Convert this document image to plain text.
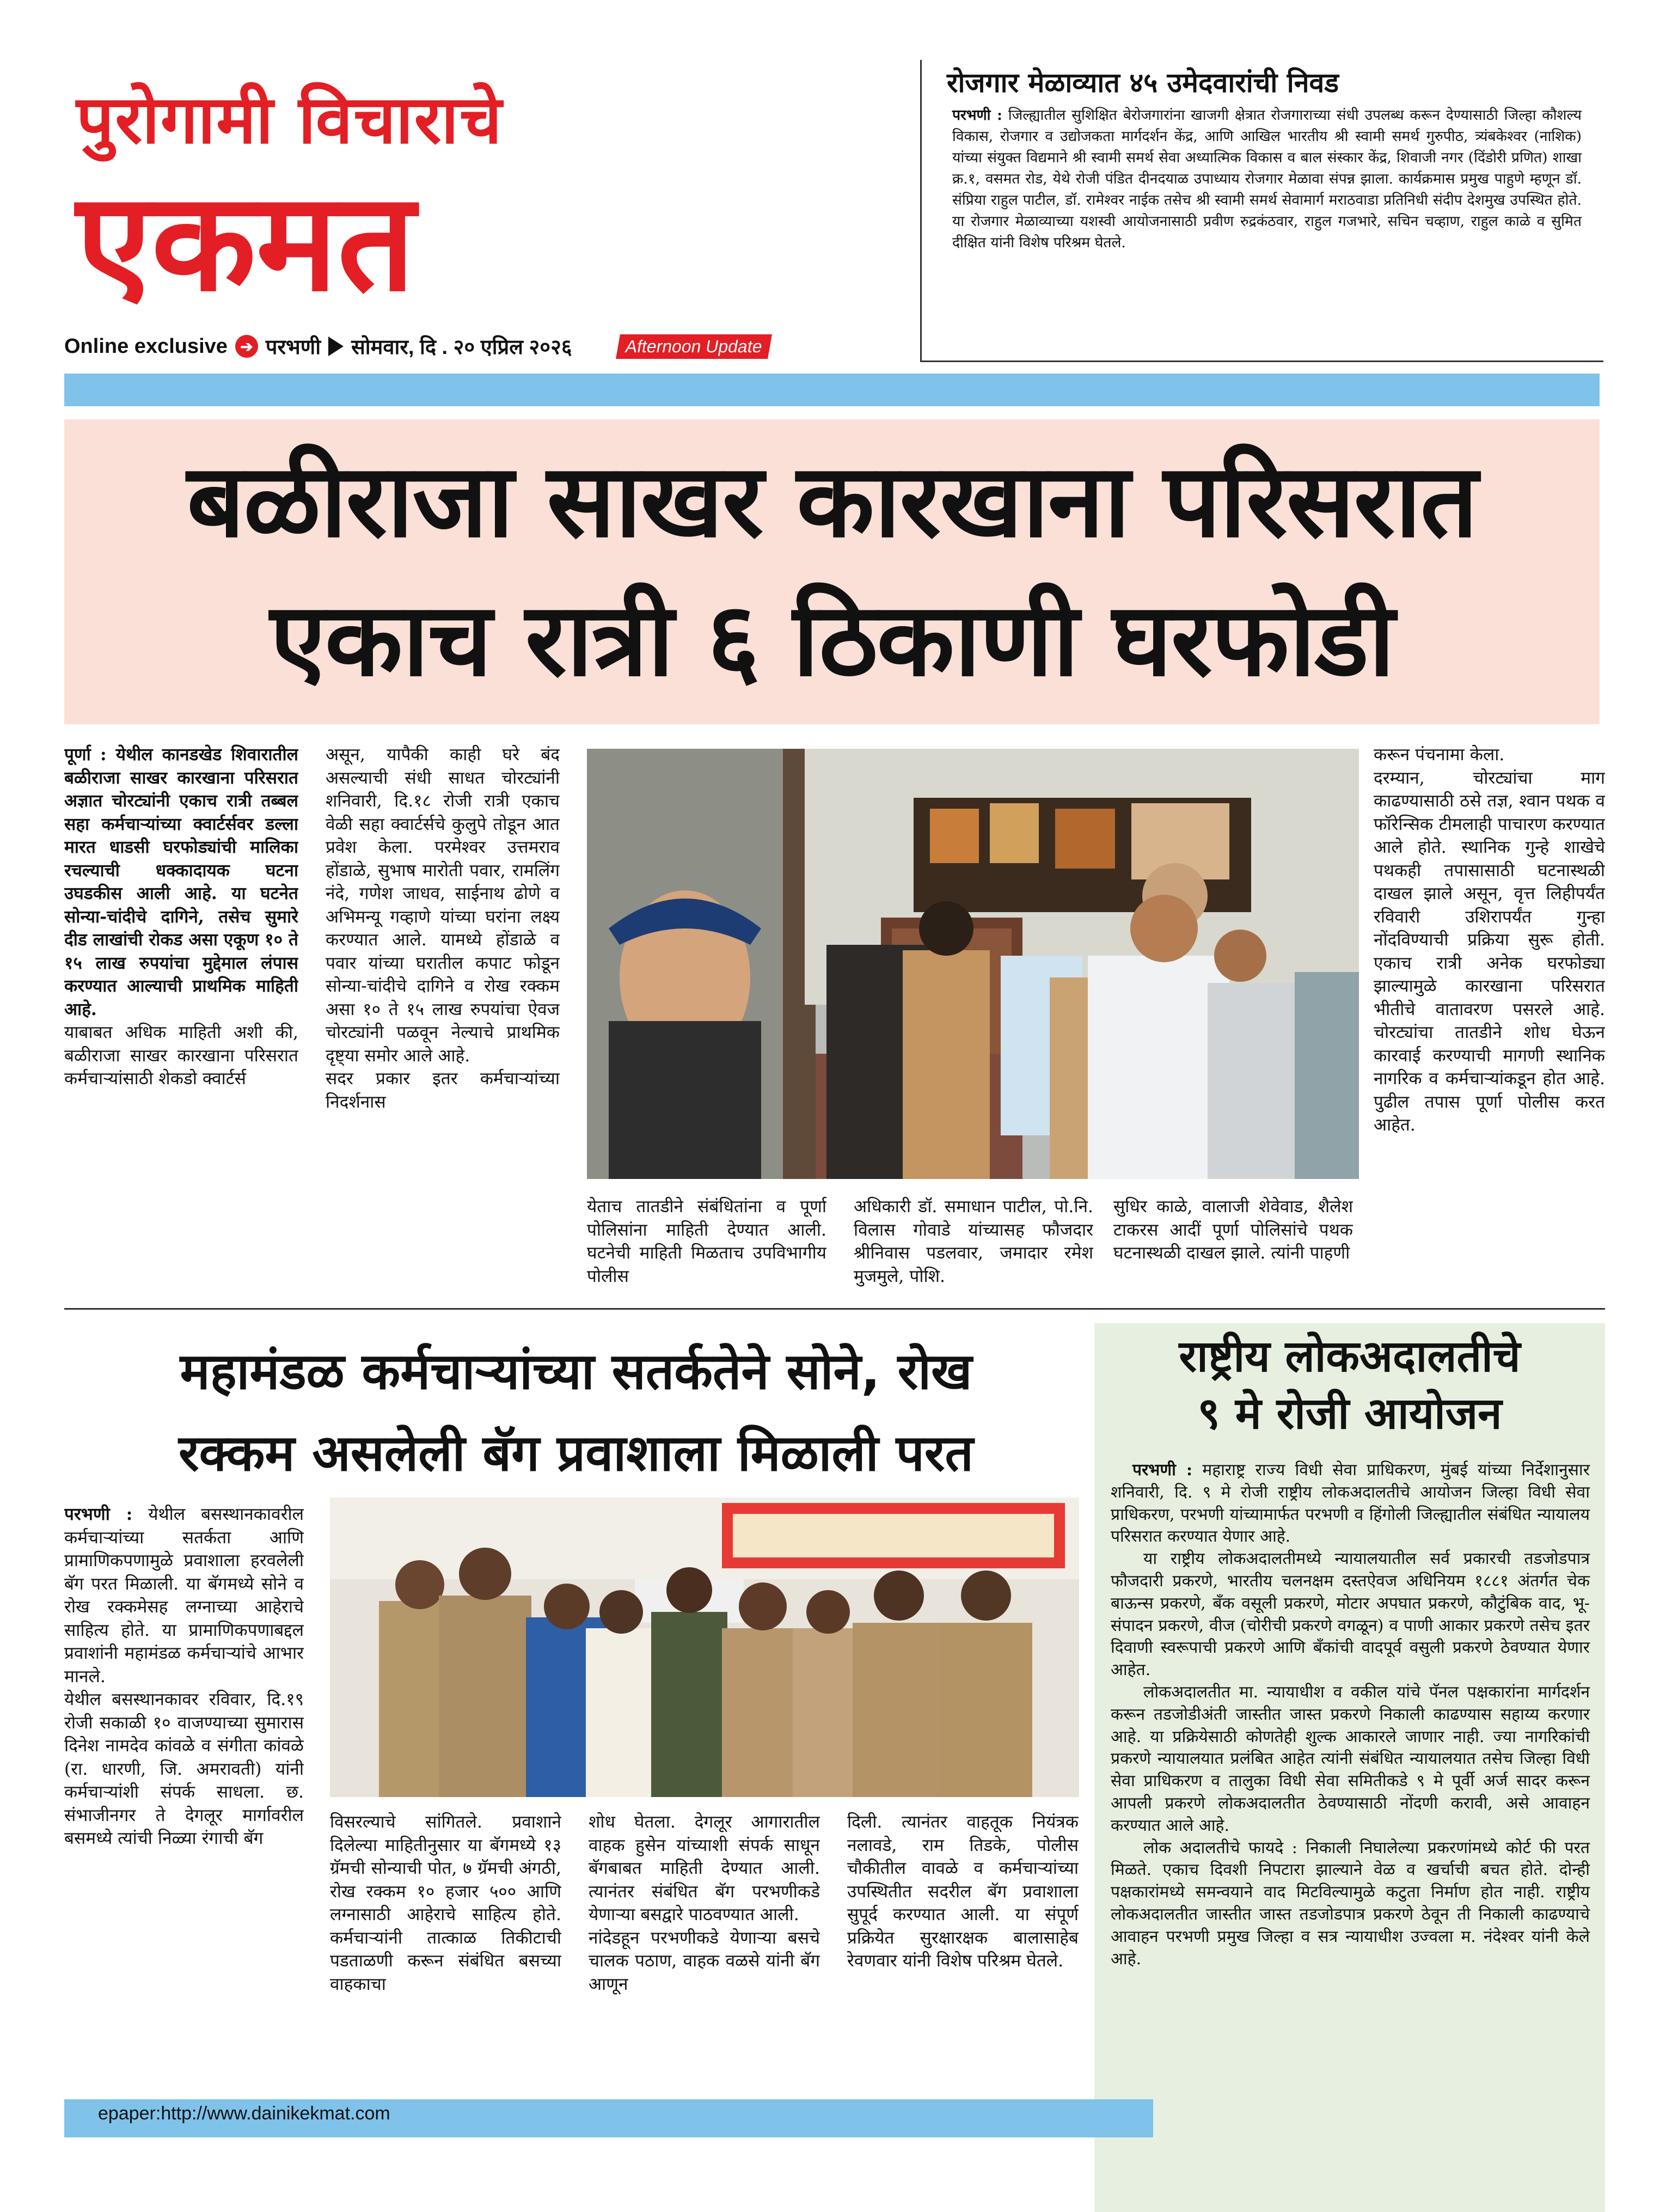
पुरोगामी विचाराचे
एकमत
Online exclusive ➔ परभणी सोमवार, दि . २० एप्रिल २०२६	Afternoon Update
रोजगार मेळाव्यात ४५ उमेदवारांची निवड
परभणी : जिल्ह्यातील सुशिक्षित बेरोजगारांना खाजगी क्षेत्रात रोजगाराच्या संधी उपलब्ध करून देण्यासाठी जिल्हा कौशल्य विकास, रोजगार व उद्योजकता मार्गदर्शन केंद्र, आणि आखिल भारतीय श्री स्वामी समर्थ गुरुपीठ, त्र्यंबकेश्वर (नाशिक) यांच्या संयुक्त विद्यमाने श्री स्वामी समर्थ सेवा अध्यात्मिक विकास व बाल संस्कार केंद्र, शिवाजी नगर (दिंडोरी प्रणित) शाखा क्र.१, वसमत रोड, येथे रोजी पंडित दीनदयाळ उपाध्याय रोजगार मेळावा संपन्न झाला. कार्यक्रमास प्रमुख पाहुणे म्हणून डॉ. संप्रिया राहुल पाटील, डॉ. रामेश्वर नाईक तसेच श्री स्वामी समर्थ सेवामार्ग मराठवाडा प्रतिनिधी संदीप देशमुख उपस्थित होते. या रोजगार मेळाव्याच्या यशस्वी आयोजनासाठी प्रवीण रुद्रकंठवार, राहुल गजभारे, सचिन चव्हाण, राहुल काळे व सुमित दीक्षित यांनी विशेष परिश्रम घेतले.
बळीराजा साखर कारखाना परिसरात
एकाच रात्री ६ ठिकाणी घरफोडी
पूर्णा : येथील कानडखेड शिवारातील बळीराजा साखर कारखाना परिसरात अज्ञात चोरट्यांनी एकाच रात्री तब्बल सहा कर्मचाऱ्यांच्या क्वार्टर्सवर डल्ला मारत धाडसी घरफोड्यांची मालिका रचल्याची धक्कादायक घटना उघडकीस आली आहे. या घटनेत सोन्या-चांदीचे दागिने, तसेच सुमारे दीड लाखांची रोकड असा एकूण १० ते १५ लाख रुपयांचा मुद्देमाल लंपास करण्यात आल्याची प्राथमिक माहिती आहे.
याबाबत अधिक माहिती अशी की, बळीराजा साखर कारखाना परिसरात कर्मचाऱ्यांसाठी शेकडो क्वार्टर्स
असून, यापैकी काही घरे बंद असल्याची संधी साधत चोरट्यांनी शनिवारी, दि.१८ रोजी रात्री एकाच वेळी सहा क्वार्टर्सचे कुलुपे तोडून आत प्रवेश केला. परमेश्वर उत्तमराव होंडाळे, सुभाष मारोती पवार, रामलिंग नंदे, गणेश जाधव, साईनाथ ढोणे व अभिमन्यू गव्हाणे यांच्या घरांना लक्ष्य करण्यात आले. यामध्ये होंडाळे व पवार यांच्या घरातील कपाट फोडून सोन्या-चांदीचे दागिने व रोख रक्कम असा १० ते १५ लाख रुपयांचा ऐवज चोरट्यांनी पळवून नेल्याचे प्राथमिक दृष्ट्या समोर आले आहे.
सदर प्रकार इतर कर्मचाऱ्यांच्या निदर्शनास
येताच तातडीने संबंधितांना व पूर्णा पोलिसांना माहिती देण्यात आली. घटनेची माहिती मिळताच उपविभागीय पोलीस
अधिकारी डॉ. समाधान पाटील, पो.नि. विलास गोवाडे यांच्यासह फौजदार श्रीनिवास पडलवार, जमादार रमेश मुजमुले, पोशि.
सुधिर काळे, वालाजी शेवेवाड, शैलेश टाकरस आदीं पूर्णा पोलिसांचे पथक घटनास्थळी दाखल झाले. त्यांनी पाहणी
करून पंचनामा केला.
दरम्यान, चोरट्यांचा माग काढण्यासाठी ठसे तज्ञ, श्वान पथक व फॉरेन्सिक टीमलाही पाचारण करण्यात आले होते. स्थानिक गुन्हे शाखेचे पथकही तपासासाठी घटनास्थळी दाखल झाले असून, वृत्त लिहीपर्यंत रविवारी उशिरापर्यंत गुन्हा नोंदविण्याची प्रक्रिया सुरू होती. एकाच रात्री अनेक घरफोड्या झाल्यामुळे कारखाना परिसरात भीतीचे वातावरण पसरले आहे. चोरट्यांचा तातडीने शोध घेऊन कारवाई करण्याची मागणी स्थानिक नागरिक व कर्मचाऱ्यांकडून होत आहे. पुढील तपास पूर्णा पोलीस करत आहेत.
महामंडळ कर्मचाऱ्यांच्या सतर्कतेने सोने, रोख
रक्कम असलेली बॅग प्रवाशाला मिळाली परत
परभणी : येथील बसस्थानकावरील कर्मचाऱ्यांच्या सतर्कता आणि प्रामाणिकपणामुळे प्रवाशाला हरवलेली बॅग परत मिळाली. या बॅगमध्ये सोने व रोख रक्कमेसह लग्नाच्या आहेराचे साहित्य होते. या प्रामाणिकपणाबद्दल प्रवाशांनी महामंडळ कर्मचाऱ्यांचे आभार मानले.
येथील बसस्थानकावर रविवार, दि.१९ रोजी सकाळी १० वाजण्याच्या सुमारास दिनेश नामदेव कांवळे व संगीता कांवळे (रा. धारणी, जि. अमरावती) यांनी कर्मचाऱ्यांशी संपर्क साधला. छ. संभाजीनगर ते देगलूर मार्गावरील बसमध्ये त्यांची निळ्या रंगाची बॅग
विसरल्याचे सांगितले. प्रवाशाने दिलेल्या माहितीनुसार या बॅगमध्ये १३ ग्रॅमची सोन्याची पोत, ७ ग्रॅमची अंगठी, रोख रक्कम १० हजार ५०० आणि लग्नासाठी आहेराचे साहित्य होते. कर्मचाऱ्यांनी तात्काळ तिकीटाची पडताळणी करून संबंधित बसच्या वाहकाचा
शोध घेतला. देगलूर आगारातील वाहक हुसेन यांच्याशी संपर्क साधून बॅगबाबत माहिती देण्यात आली. त्यानंतर संबंधित बॅग परभणीकडे येणाऱ्या बसद्वारे पाठवण्यात आली.
नांदेडहून परभणीकडे येणाऱ्या बसचे चालक पठाण, वाहक वळसे यांनी बॅग आणून
दिली. त्यानंतर वाहतूक नियंत्रक नलावडे, राम तिडके, पोलीस चौकीतील वावळे व कर्मचाऱ्यांच्या उपस्थितीत सदरील बॅग प्रवाशाला सुपूर्द करण्यात आली. या संपूर्ण प्रक्रियेत सुरक्षारक्षक बालासाहेब रेवणवार यांनी विशेष परिश्रम घेतले.
राष्ट्रीय लोकअदालतीचे
९ मे रोजी आयोजन

परभणी : महाराष्ट्र राज्य विधी सेवा प्राधिकरण, मुंबई यांच्या निर्देशानुसार शनिवारी, दि. ९ मे रोजी राष्ट्रीय लोकअदालतीचे आयोजन जिल्हा विधी सेवा प्राधिकरण, परभणी यांच्यामार्फत परभणी व हिंगोली जिल्ह्यातील संबंधित न्यायालय परिसरात करण्यात येणार आहे.

या राष्ट्रीय लोकअदालतीमध्ये न्यायालयातील सर्व प्रकारची तडजोडपात्र फौजदारी प्रकरणे, भारतीय चलनक्षम दस्तऐवज अधिनियम १८८१ अंतर्गत चेक बाऊन्स प्रकरणे, बँक वसूली प्रकरणे, मोटार अपघात प्रकरणे, कौटुंबिक वाद, भू-संपादन प्रकरणे, वीज (चोरीची प्रकरणे वगळून) व पाणी आकार प्रकरणे तसेच इतर दिवाणी स्वरूपाची प्रकरणे आणि बँकांची वादपूर्व वसुली प्रकरणे ठेवण्यात येणार आहेत.

लोकअदालतीत मा. न्यायाधीश व वकील यांचे पॅनल पक्षकारांना मार्गदर्शन करून तडजोडीअंती जास्तीत जास्त प्रकरणे निकाली काढण्यास सहाय्य करणार आहे. या प्रक्रियेसाठी कोणतेही शुल्क आकारले जाणार नाही. ज्या नागरिकांची प्रकरणे न्यायालयात प्रलंबित आहेत त्यांनी संबंधित न्यायालयात तसेच जिल्हा विधी सेवा प्राधिकरण व तालुका विधी सेवा समितीकडे ९ मे पूर्वी अर्ज सादर करून आपली प्रकरणे लोकअदालतीत ठेवण्यासाठी नोंदणी करावी, असे आवाहन करण्यात आले आहे.

लोक अदालतीचे फायदे : निकाली निघालेल्या प्रकरणांमध्ये कोर्ट फी परत मिळते. एकाच दिवशी निपटारा झाल्याने वेळ व खर्चाची बचत होते. दोन्ही पक्षकारांमध्ये समन्वयाने वाद मिटविल्यामुळे कटुता निर्माण होत नाही. राष्ट्रीय लोकअदालतीत जास्तीत जास्त तडजोडपात्र प्रकरणे ठेवून ती निकाली काढण्याचे आवाहन परभणी प्रमुख जिल्हा व सत्र न्यायाधीश उज्वला म. नंदेश्वर यांनी केले आहे.

epaper:http://www.dainikekmat.com
